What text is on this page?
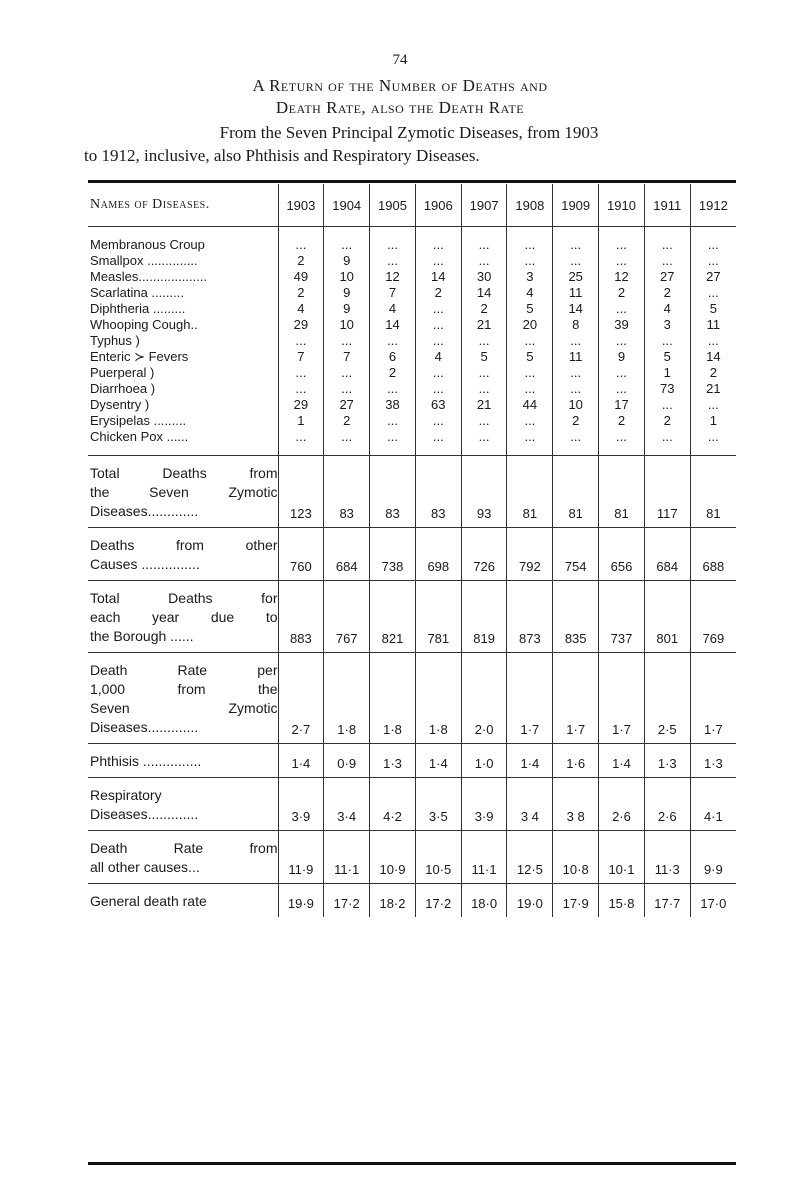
74
A Return of the Number of Deaths and
Death Rate, also the Death Rate
From the Seven Principal Zymotic Diseases, from 1903
to 1912, inclusive, also Phthisis and Respiratory Diseases.
Names of Diseases.	1903	1904	1905	1906	1907	1908	1909	1910	1911	1912

Membranous Croup	...	...	...	...	...	...	...	...	...	...
Smallpox ..............	2	9	...	...	...	...	...	...	...	...
Measles...................	49	10	12	14	30	3	25	12	27	27
Scarlatina .........	2	9	7	2	14	4	11	2	2	...
Diphtheria .........	4	9	4	...	2	5	14	...	4	5
Whooping Cough..	29	10	14	...	21	20	8	39	3	11
Typhus )	...	...	...	...	...	...	...	...	...	...
Enteric ≻ Fevers	7	7	6	4	5	5	11	9	5	14
Puerperal )	...	...	2	...	...	...	...	...	1	2
Diarrhoea )	...	...	...	...	...	...	...	...	73	21
Dysentry )	29	27	38	63	21	44	10	17	...	...
Erysipelas .........	1	2	...	...	...	...	2	2	2	1
Chicken Pox ......	...	...	...	...	...	...	...	...	...	...

Total Deaths from
the Seven Zymotic
Diseases.............	123	83	83	83	93	81	81	81	117	81

Deaths from other
Causes ...............	760	684	738	698	726	792	754	656	684	688

Total Deaths for
each year due to
the Borough ......	883	767	821	781	819	873	835	737	801	769

Death Rate per
1,000 from the
Seven Zymotic
Diseases.............	2·7	1·8	1·8	1·8	2·0	1·7	1·7	1·7	2·5	1·7

Phthisis ...............	1·4	0·9	1·3	1·4	1·0	1·4	1·6	1·4	1·3	1·3

Respiratory
Diseases.............	3·9	3·4	4·2	3·5	3·9	3 4	3 8	2·6	2·6	4·1

Death Rate from
all other causes...	11·9	11·1	10·9	10·5	11·1	12·5	10·8	10·1	11·3	9·9

General death rate	19·9	17·2	18·2	17·2	18·0	19·0	17·9	15·8	17·7	17·0
